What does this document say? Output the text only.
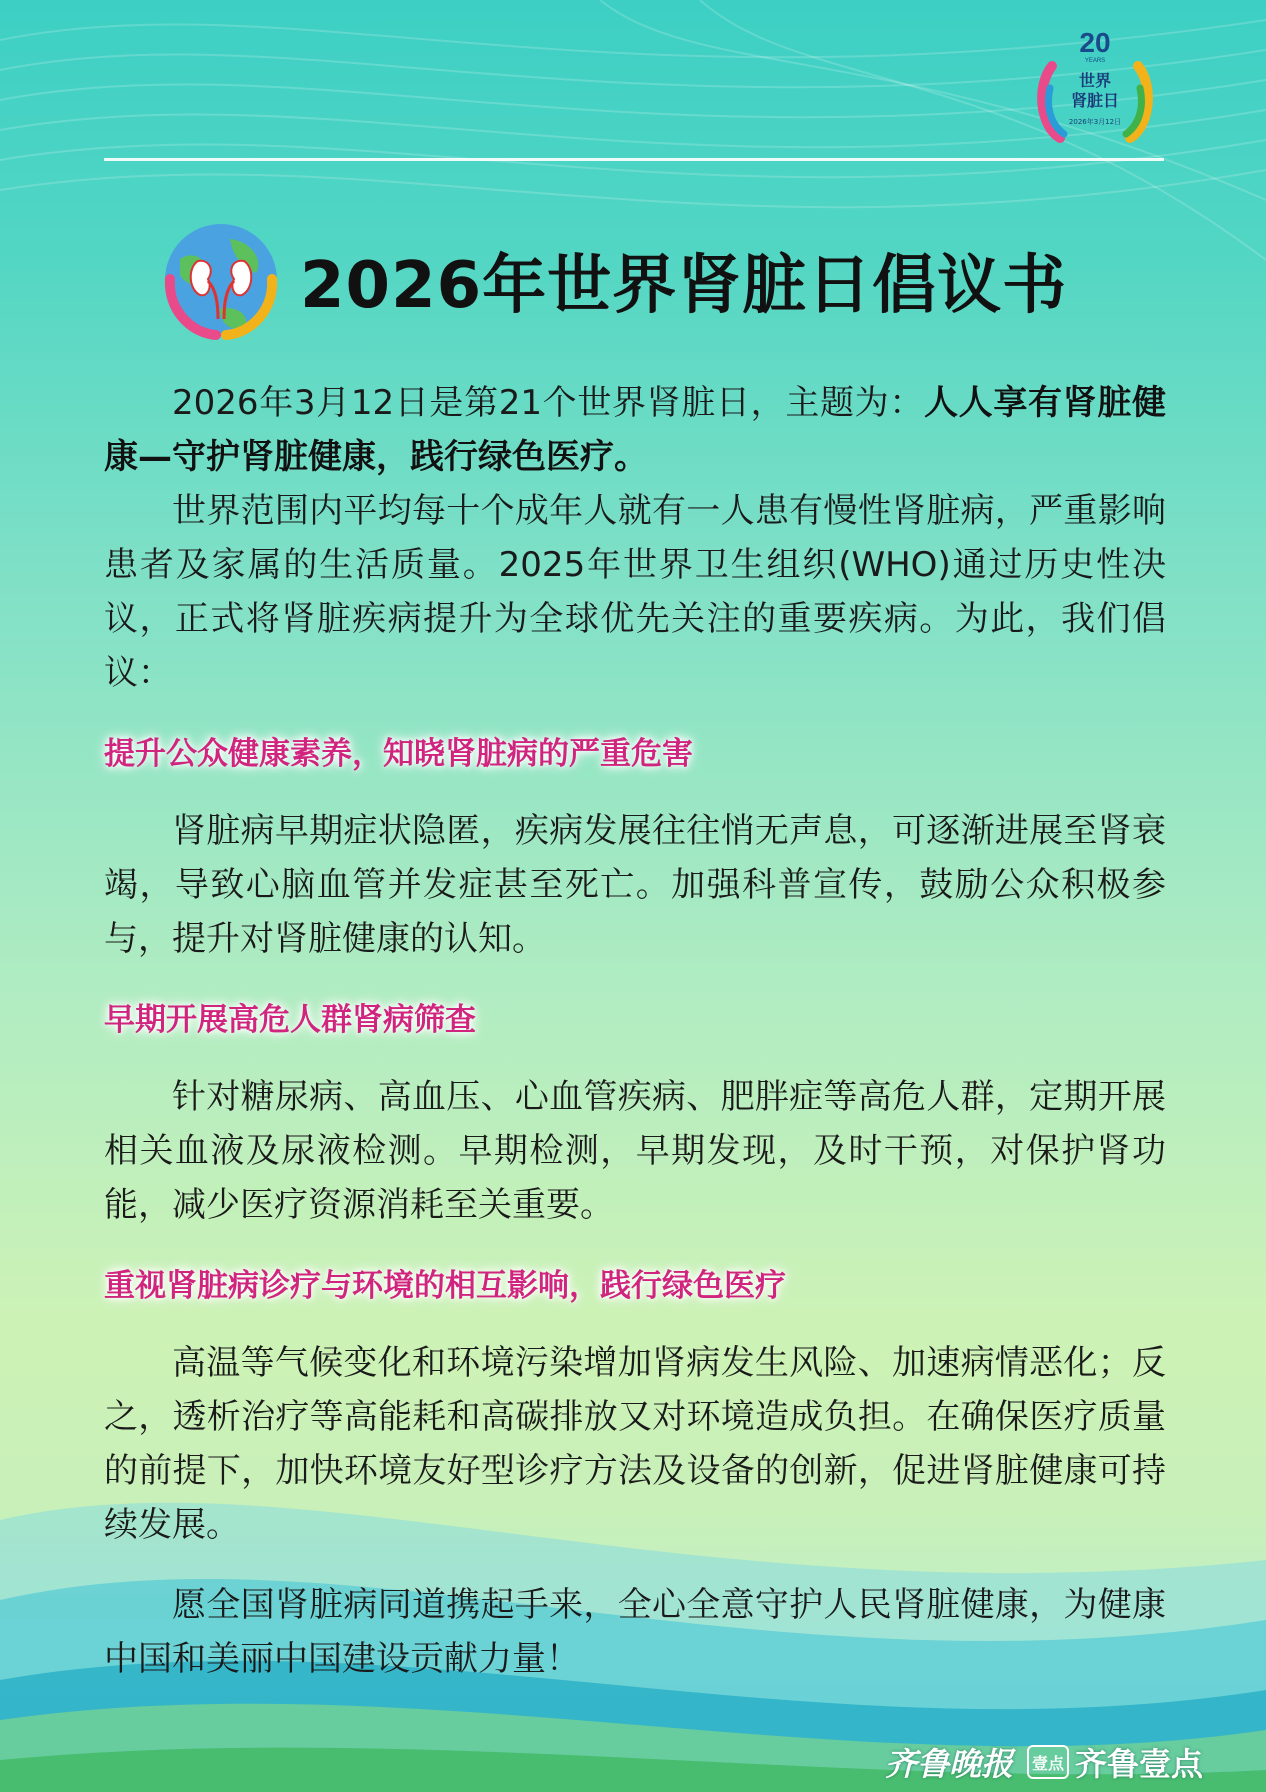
20
YEARS
世界
肾脏日
2026年3月12日
2026年世界肾脏日倡议书

2026年3月12日是第21个世界肾脏日，主题为：人人享有肾脏健康—守护肾脏健康，践行绿色医疗。

世界范围内平均每十个成年人就有一人患有慢性肾脏病，严重影响患者及家属的生活质量。2025年世界卫生组织(WHO)通过历史性决议，正式将肾脏疾病提升为全球优先关注的重要疾病。为此，我们倡议：

提升公众健康素养，知晓肾脏病的严重危害

肾脏病早期症状隐匿，疾病发展往往悄无声息，可逐渐进展至肾衰竭，导致心脑血管并发症甚至死亡。加强科普宣传，鼓励公众积极参与，提升对肾脏健康的认知。

早期开展高危人群肾病筛查

针对糖尿病、高血压、心血管疾病、肥胖症等高危人群，定期开展相关血液及尿液检测。早期检测，早期发现，及时干预，对保护肾功能，减少医疗资源消耗至关重要。

重视肾脏病诊疗与环境的相互影响，践行绿色医疗

高温等气候变化和环境污染增加肾病发生风险、加速病情恶化；反之，透析治疗等高能耗和高碳排放又对环境造成负担。在确保医疗质量的前提下，加快环境友好型诊疗方法及设备的创新，促进肾脏健康可持续发展。

愿全国肾脏病同道携起手来，全心全意守护人民肾脏健康，为健康中国和美丽中国建设贡献力量！

齐鲁晚报	壹点 齐鲁壹点
